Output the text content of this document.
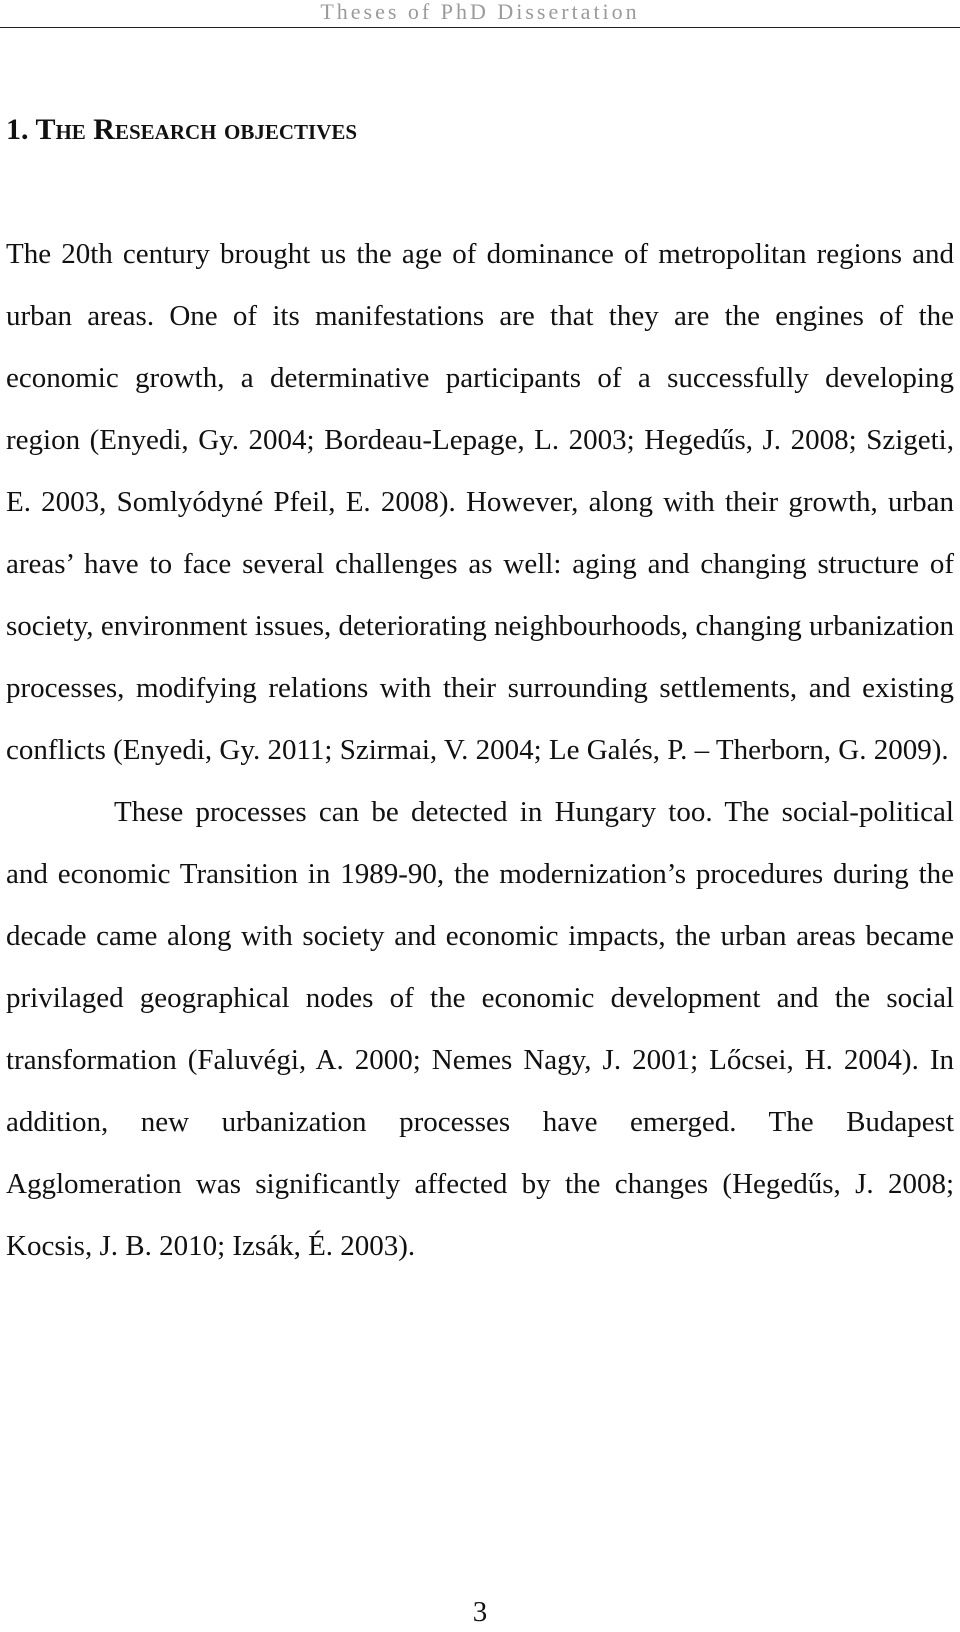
Theses of PhD Dissertation
1. The Research objectives

The 20th century brought us the age of dominance of metropolitan regions and urban areas. One of its manifestations are that they are the engines of the economic growth, a determinative participants of a successfully developing region (Enyedi, Gy. 2004; Bordeau-Lepage, L. 2003; Hegedűs, J. 2008; Szigeti, E. 2003, Somlyódyné Pfeil, E. 2008). However, along with their growth, urban areas’ have to face several challenges as well: aging and changing structure of society, environment issues, deteriorating neighbourhoods, changing urbanization processes, modifying relations with their surrounding settlements, and existing conflicts (Enyedi, Gy. 2011; Szirmai, V. 2004; Le Galés, P. – Therborn, G. 2009).

These processes can be detected in Hungary too. The social-political and economic Transition in 1989-90, the modernization’s procedures during the decade came along with society and economic impacts, the urban areas became privilaged geographical nodes of the economic development and the social transformation (Faluvégi, A. 2000; Nemes Nagy, J. 2001; Lőcsei, H. 2004). In addition, new urbanization processes have emerged. The Budapest Agglomeration was significantly affected by the changes (Hegedűs, J. 2008; Kocsis, J. B. 2010; Izsák, É. 2003).

3
